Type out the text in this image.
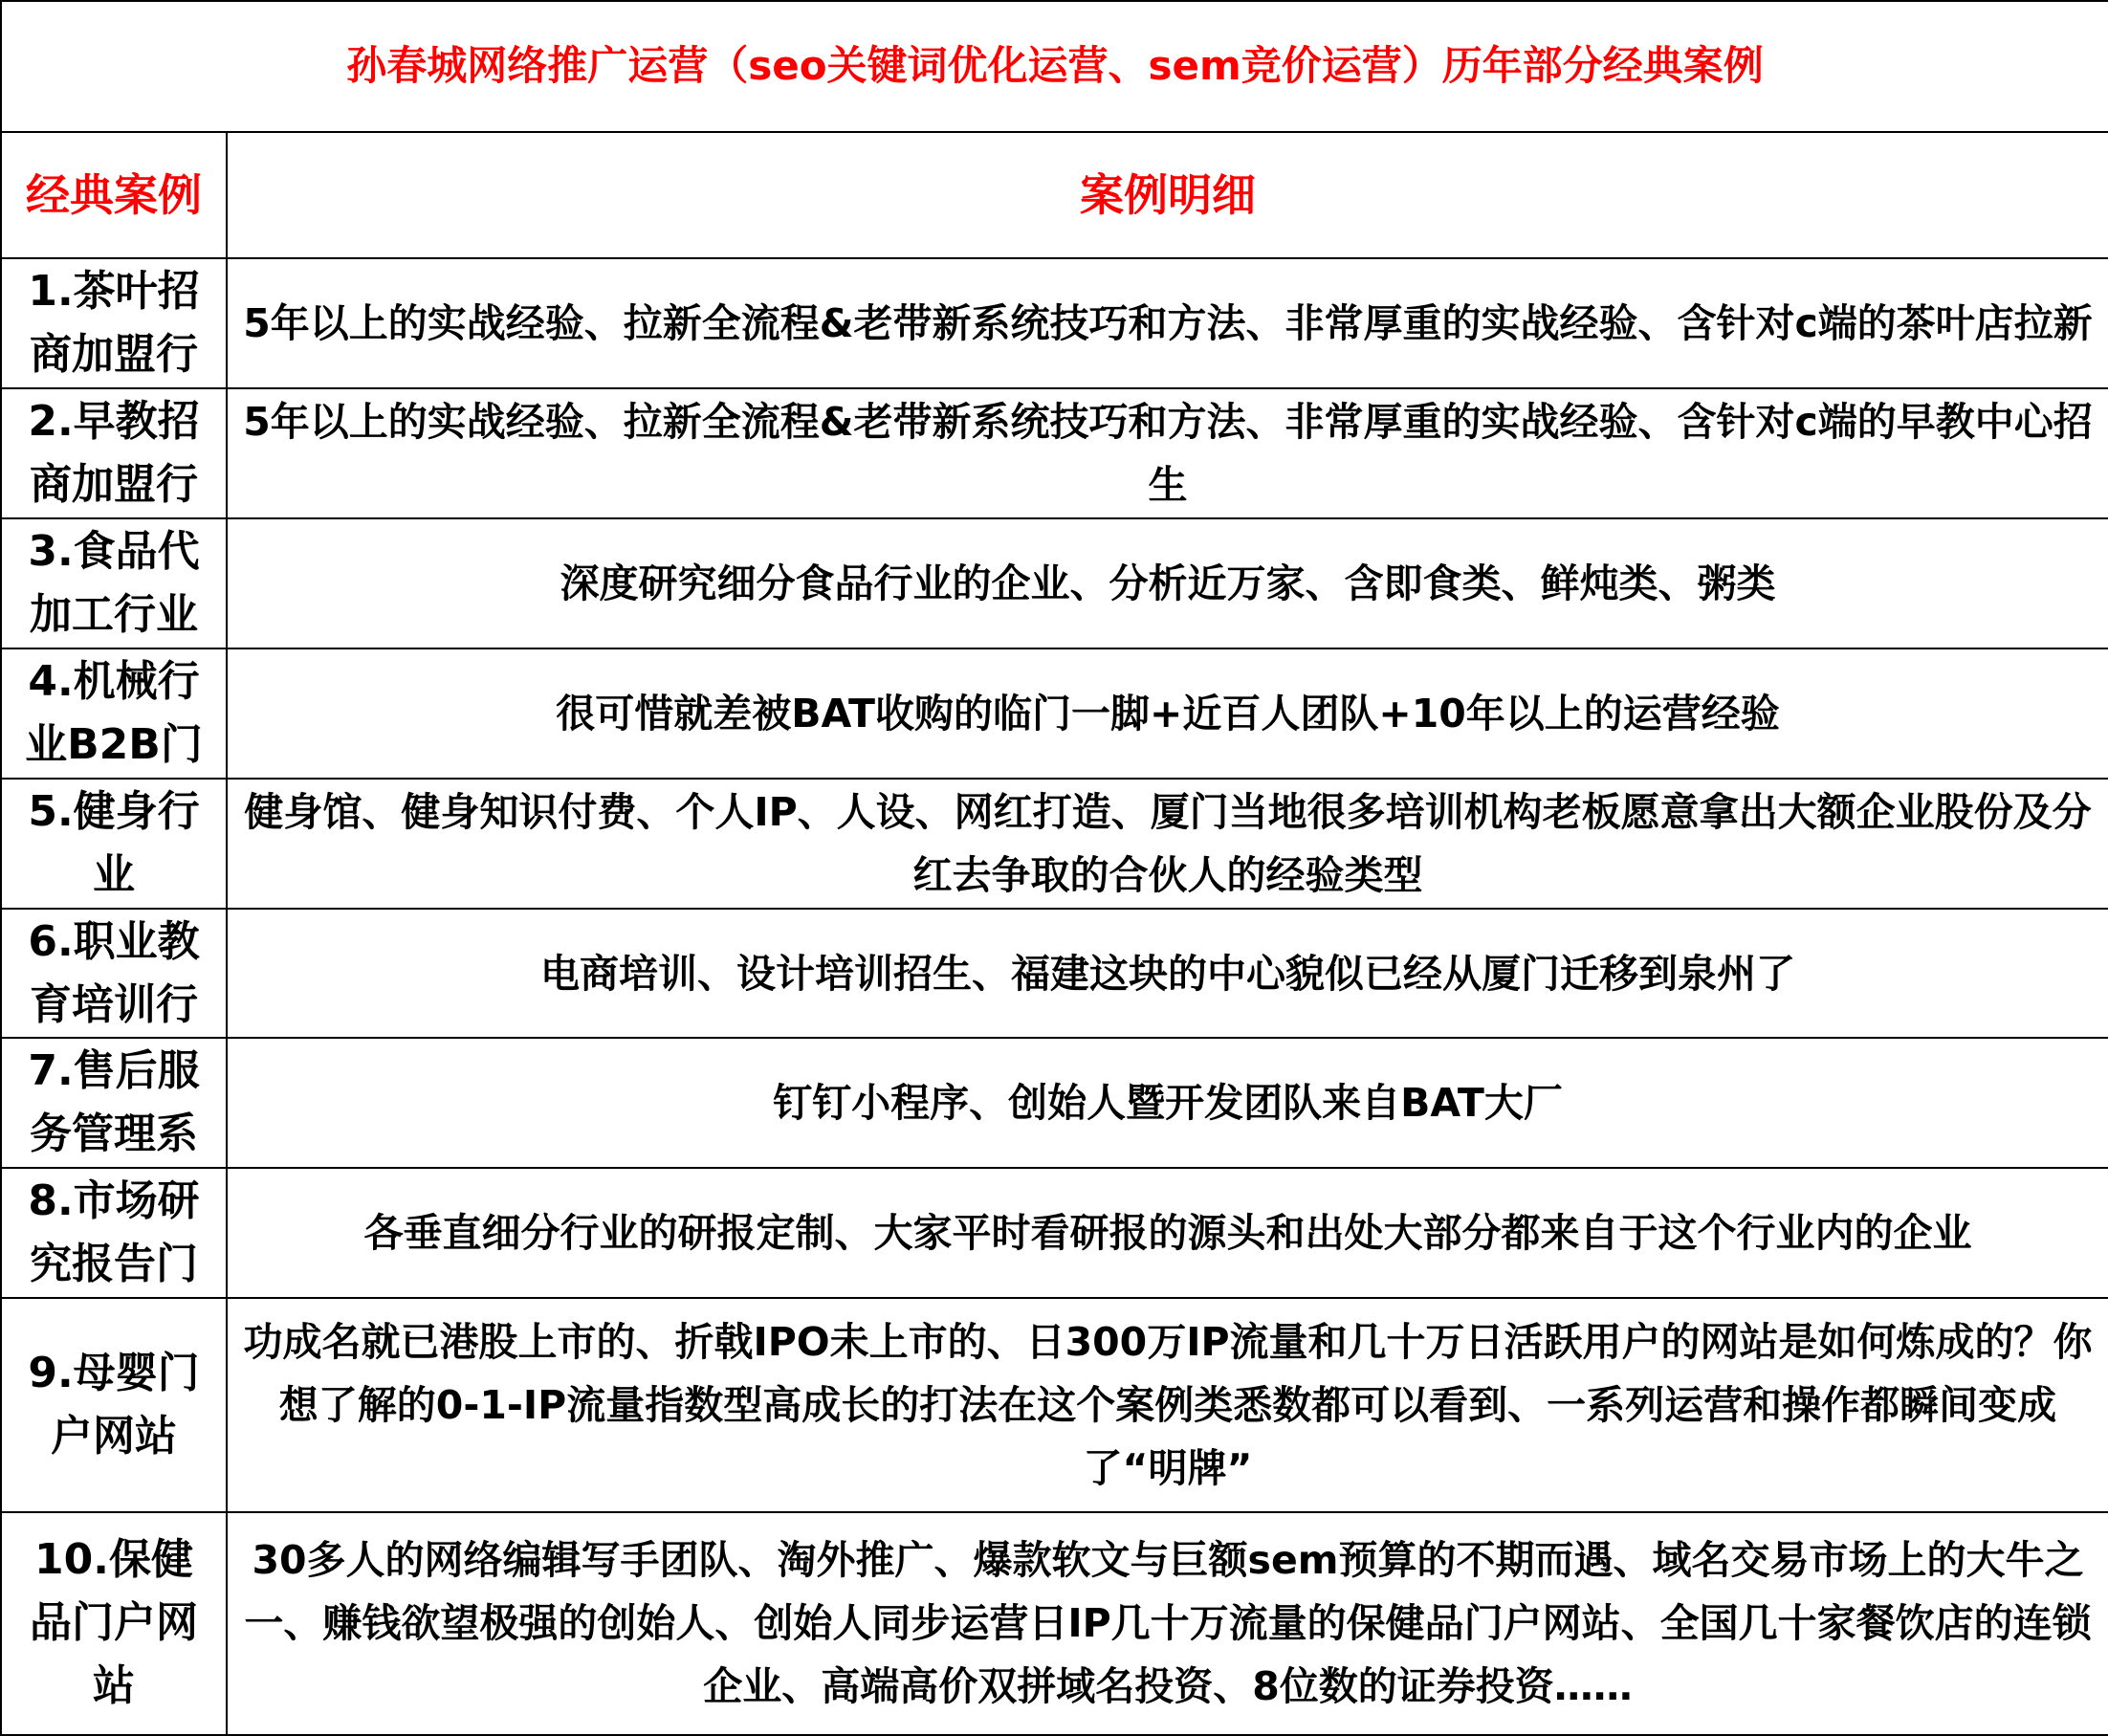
孙春城网络推广运营（seo关键词优化运营、sem竞价运营）历年部分经典案例	
经典案例	案例明细
1.茶叶招商加盟行	5年以上的实战经验、拉新全流程&老带新系统技巧和方法、非常厚重的实战经验、含针对c端的茶叶店拉新
2.早教招商加盟行	5年以上的实战经验、拉新全流程&老带新系统技巧和方法、非常厚重的实战经验、含针对c端的早教中心招生
3.食品代加工行业	深度研究细分食品行业的企业、分析近万家、含即食类、鲜炖类、粥类
4.机械行业B2B门	很可惜就差被BAT收购的临门一脚+近百人团队+10年以上的运营经验
5.健身行业	健身馆、健身知识付费、个人IP、人设、网红打造、厦门当地很多培训机构老板愿意拿出大额企业股份及分红去争取的合伙人的经验类型
6.职业教育培训行	电商培训、设计培训招生、福建这块的中心貌似已经从厦门迁移到泉州了
7.售后服务管理系	钉钉小程序、创始人暨开发团队来自BAT大厂
8.市场研究报告门	各垂直细分行业的研报定制、大家平时看研报的源头和出处大部分都来自于这个行业内的企业
9.母婴门户网站	功成名就已港股上市的、折戟IPO未上市的、日300万IP流量和几十万日活跃用户的网站是如何炼成的？你想了解的0-1-IP流量指数型高成长的打法在这个案例类悉数都可以看到、一系列运营和操作都瞬间变成了“明牌”
10.保健品门户网站	30多人的网络编辑写手团队、淘外推广、爆款软文与巨额sem预算的不期而遇、域名交易市场上的大牛之一、赚钱欲望极强的创始人、创始人同步运营日IP几十万流量的保健品门户网站、全国几十家餐饮店的连锁企业、高端高价双拼域名投资、8位数的证券投资……
